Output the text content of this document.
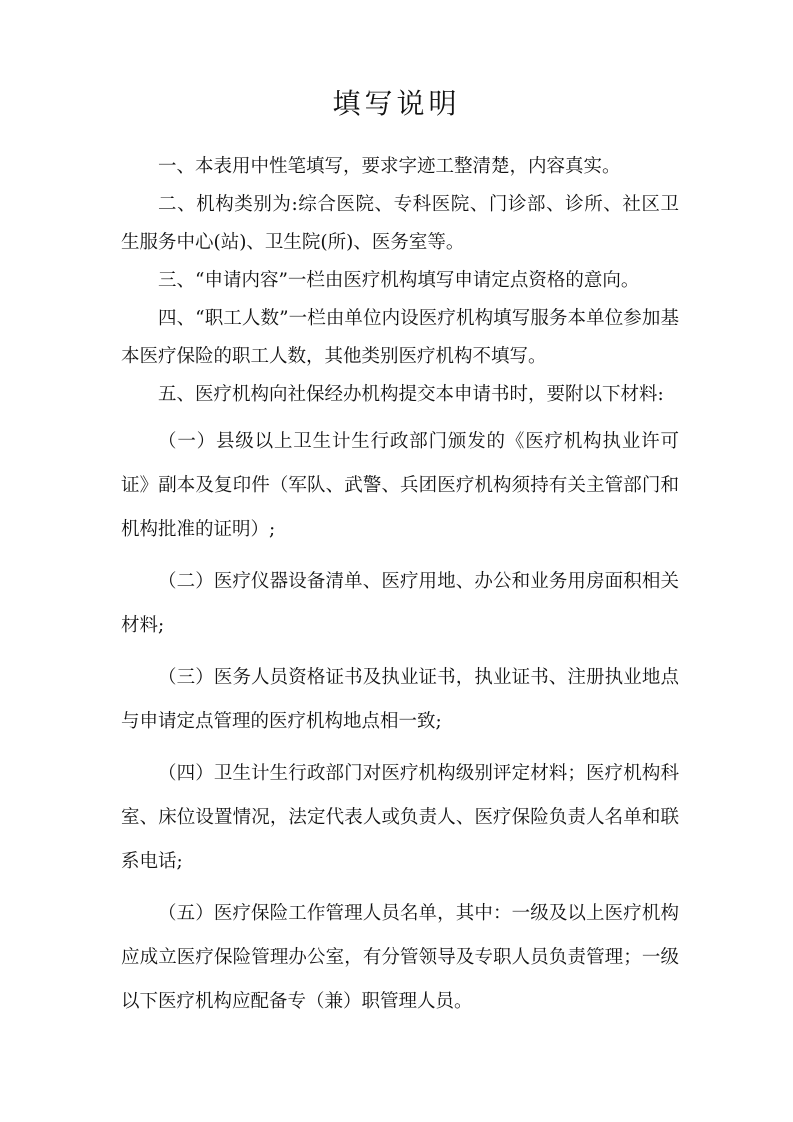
填写说明

一、本表用中性笔填写，要求字迹工整清楚，内容真实。

二、机构类别为:综合医院、专科医院、门诊部、诊所、社区卫生服务中心(站)、卫生院(所)、医务室等。

三、“申请内容”一栏由医疗机构填写申请定点资格的意向。

四、“职工人数”一栏由单位内设医疗机构填写服务本单位参加基本医疗保险的职工人数，其他类别医疗机构不填写。

五、医疗机构向社保经办机构提交本申请书时，要附以下材料:

（一）县级以上卫生计生行政部门颁发的《医疗机构执业许可证》副本及复印件（军队、武警、兵团医疗机构须持有关主管部门和机构批准的证明）;

（二）医疗仪器设备清单、医疗用地、办公和业务用房面积相关材料;

（三）医务人员资格证书及执业证书，执业证书、注册执业地点与申请定点管理的医疗机构地点相一致;

（四）卫生计生行政部门对医疗机构级别评定材料；医疗机构科室、床位设置情况，法定代表人或负责人、医疗保险负责人名单和联系电话;

（五）医疗保险工作管理人员名单，其中：一级及以上医疗机构应成立医疗保险管理办公室，有分管领导及专职人员负责管理；一级以下医疗机构应配备专（兼）职管理人员。
